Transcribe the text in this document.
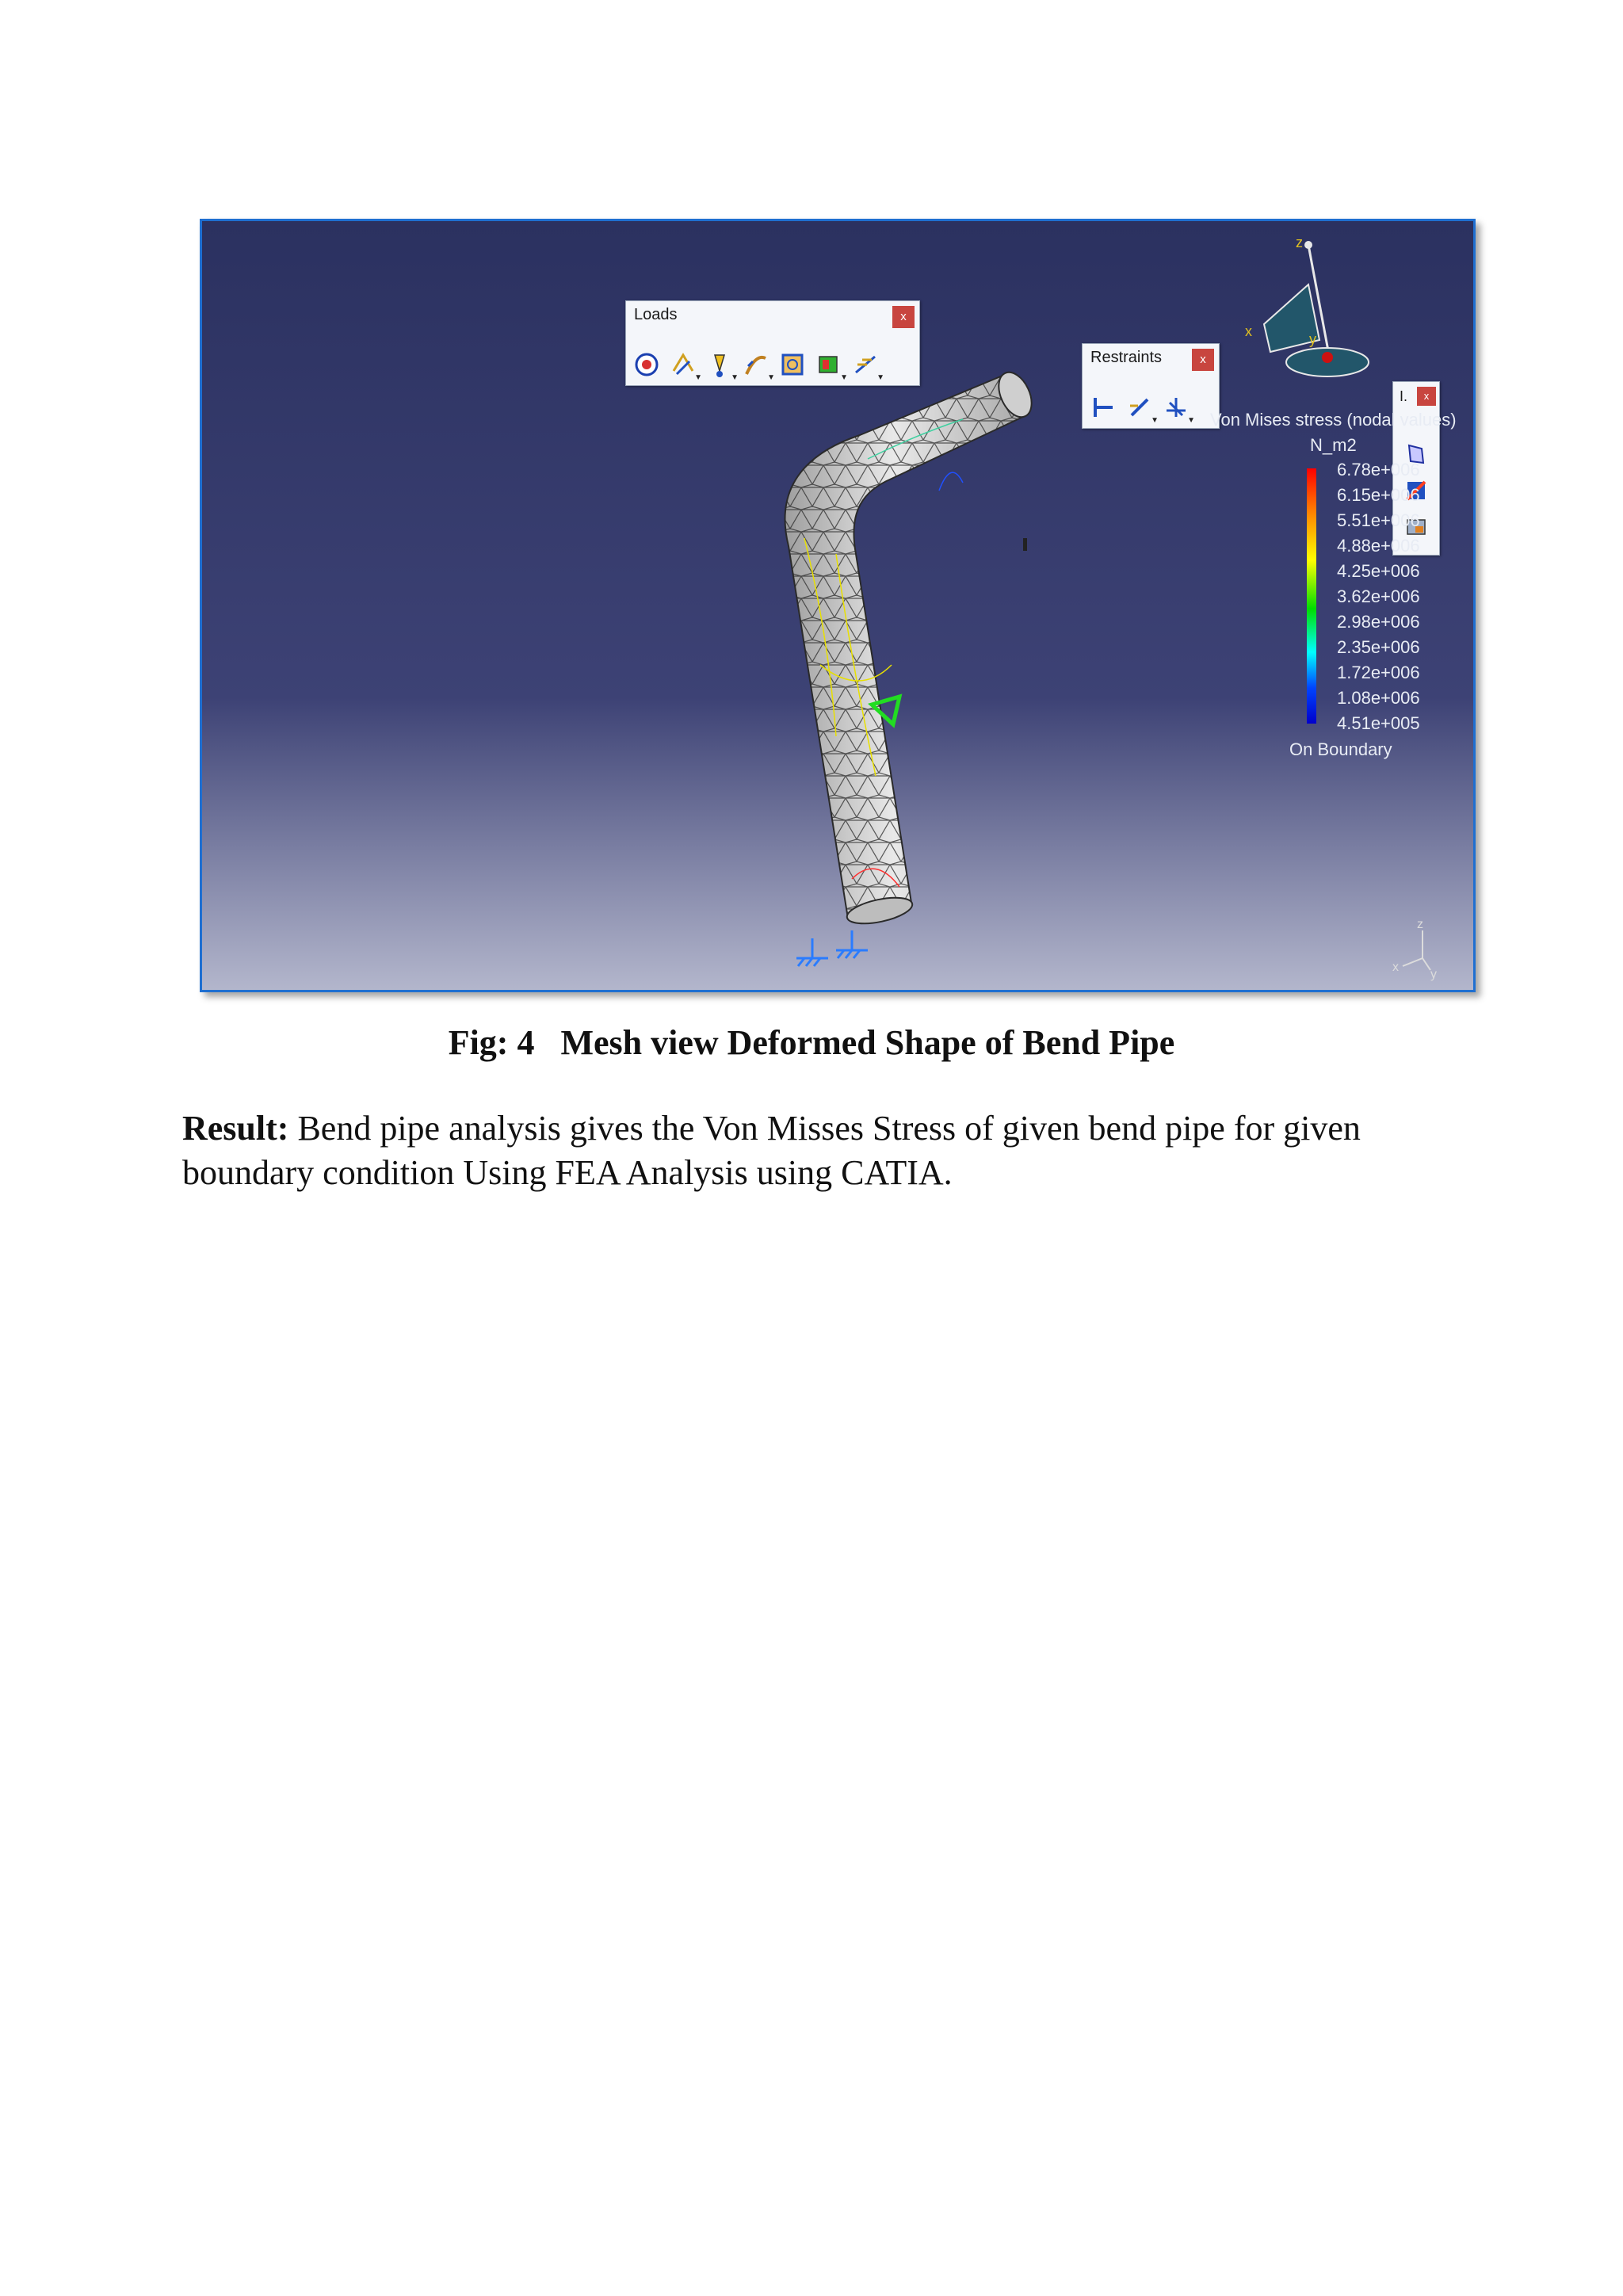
z
x	y
z
x
y
Loads	x
▼	▼	▼	▼	▼
Restraints	x
▼	▼
I.	x
Von Mises stress (nodal values)
N_m2
6.78e+006
6.15e+006
5.51e+006
4.88e+006
4.25e+006
3.62e+006
2.98e+006
2.35e+006
1.72e+006
1.08e+006
4.51e+005
On Boundary
Fig: 4 Mesh view Deformed Shape of Bend Pipe
Result: Bend pipe analysis gives the Von Misses Stress of given bend pipe for given boundary condition Using FEA Analysis using CATIA.
